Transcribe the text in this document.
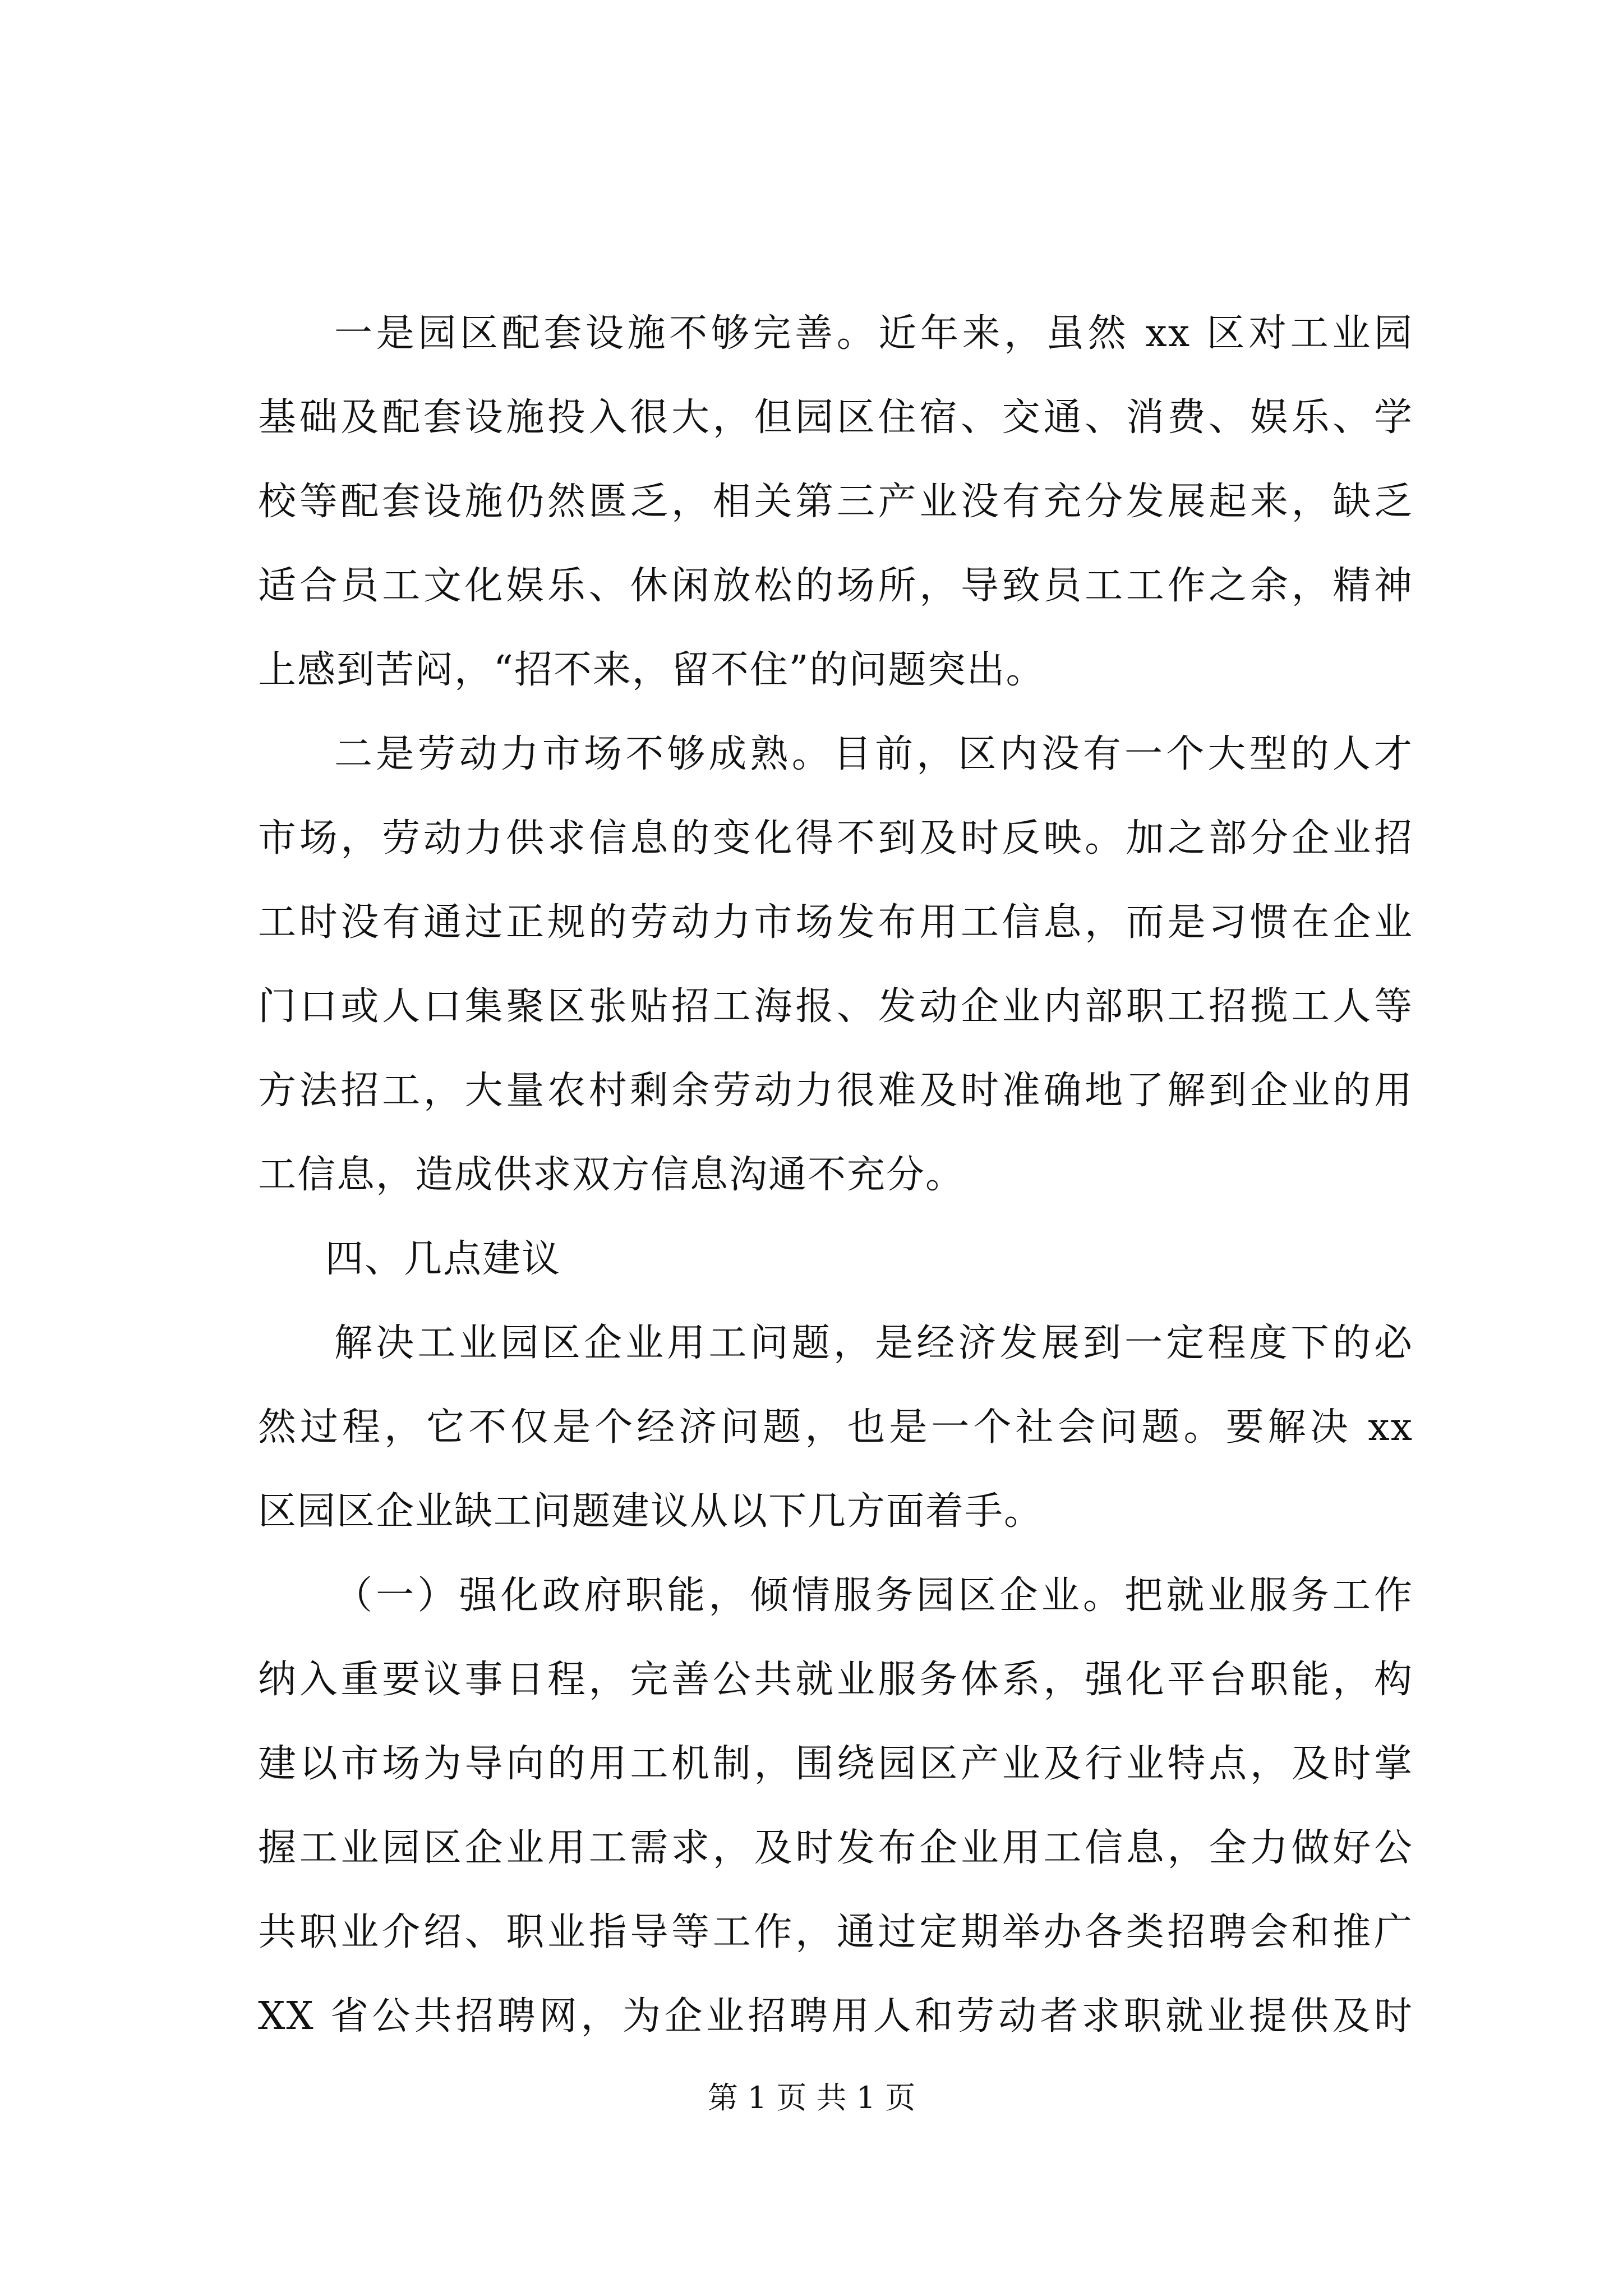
一是园区配套设施不够完善。近年来，虽然 xx 区对工业园
基础及配套设施投入很大，但园区住宿、交通、消费、娱乐、学
校等配套设施仍然匮乏，相关第三产业没有充分发展起来，缺乏
适合员工文化娱乐、休闲放松的场所，导致员工工作之余，精神
上感到苦闷，“招不来，留不住”的问题突出。
二是劳动力市场不够成熟。目前，区内没有一个大型的人才
市场，劳动力供求信息的变化得不到及时反映。加之部分企业招
工时没有通过正规的劳动力市场发布用工信息，而是习惯在企业
门口或人口集聚区张贴招工海报、发动企业内部职工招揽工人等
方法招工，大量农村剩余劳动力很难及时准确地了解到企业的用
工信息，造成供求双方信息沟通不充分。
四、几点建议
解决工业园区企业用工问题，是经济发展到一定程度下的必
然过程，它不仅是个经济问题，也是一个社会问题。要解决 xx
区园区企业缺工问题建议从以下几方面着手。
（一）强化政府职能，倾情服务园区企业。把就业服务工作
纳入重要议事日程，完善公共就业服务体系，强化平台职能，构
建以市场为导向的用工机制，围绕园区产业及行业特点，及时掌
握工业园区企业用工需求，及时发布企业用工信息，全力做好公
共职业介绍、职业指导等工作，通过定期举办各类招聘会和推广
XX 省公共招聘网，为企业招聘用人和劳动者求职就业提供及时
第 1 页 共 1 页
